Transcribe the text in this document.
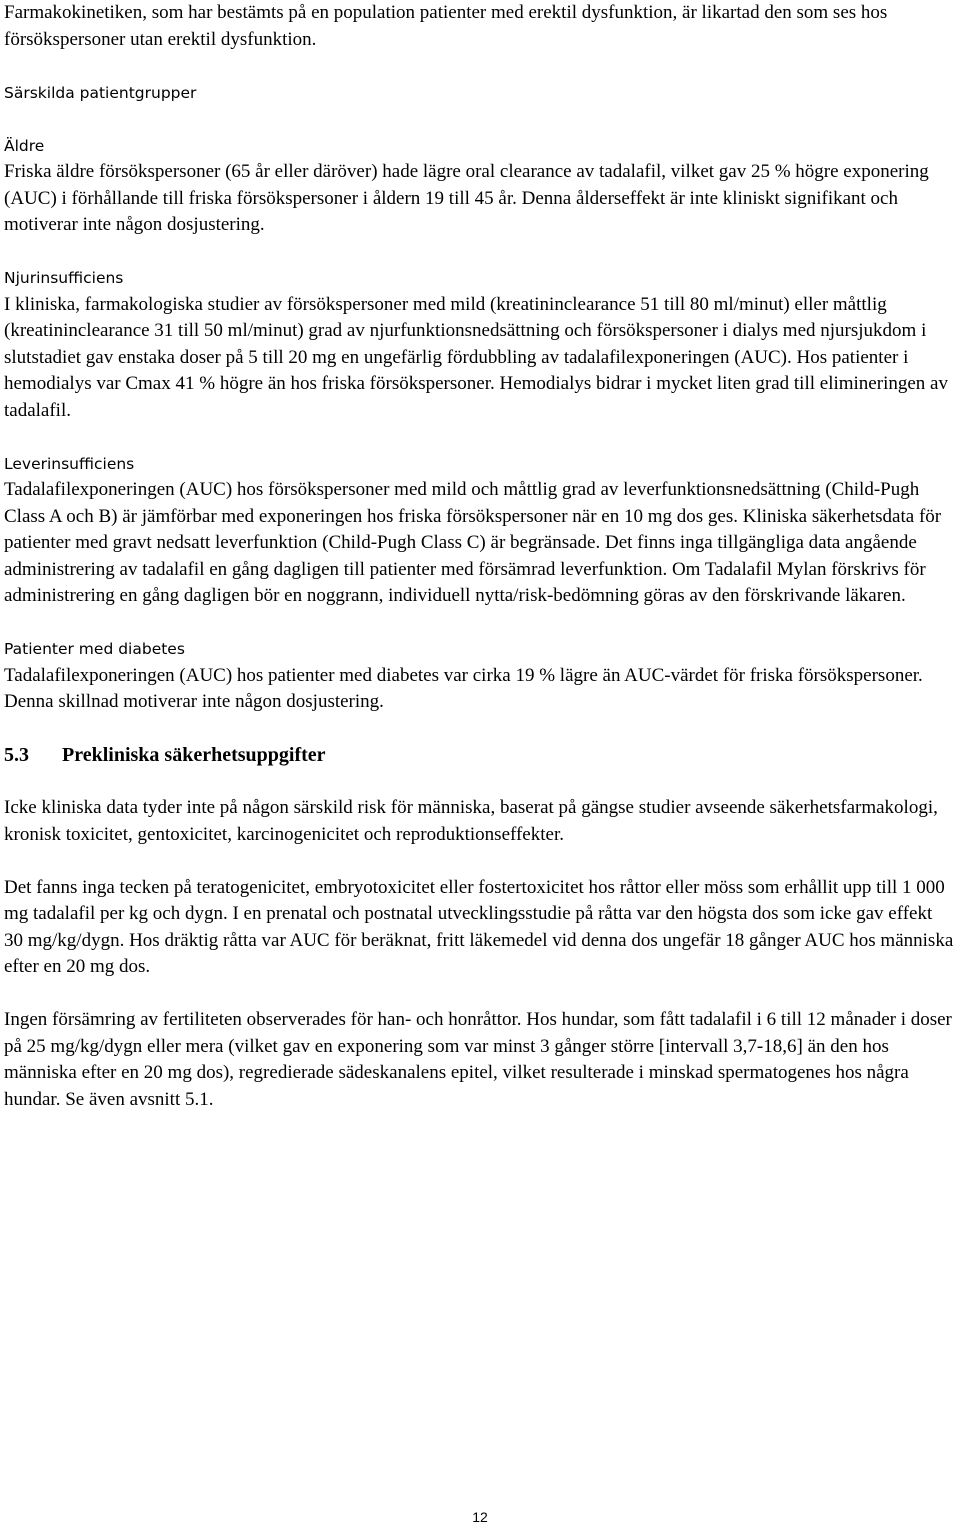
Farmakokinetiken, som har bestämts på en population patienter med erektil dysfunktion, är likartad den som ses hos försökspersoner utan erektil dysfunktion.

Särskilda patientgrupper

Äldre

Friska äldre försökspersoner (65 år eller däröver) hade lägre oral clearance av tadalafil, vilket gav 25 % högre exponering (AUC) i förhållande till friska försökspersoner i åldern 19 till 45 år. Denna ålderseffekt är inte kliniskt signifikant och motiverar inte någon dosjustering.

Njurinsufficiens

I kliniska, farmakologiska studier av försökspersoner med mild (kreatininclearance 51 till 80 ml/minut) eller måttlig (kreatininclearance 31 till 50 ml/minut) grad av njurfunktionsnedsättning och försökspersoner i dialys med njursjukdom i slutstadiet gav enstaka doser på 5 till 20 mg en ungefärlig fördubbling av tadalafilexponeringen (AUC). Hos patienter i hemodialys var Cmax 41 % högre än hos friska försökspersoner. Hemodialys bidrar i mycket liten grad till elimineringen av tadalafil.

Leverinsufficiens

Tadalafilexponeringen (AUC) hos försökspersoner med mild och måttlig grad av leverfunktionsnedsättning (Child-Pugh Class A och B) är jämförbar med exponeringen hos friska försökspersoner när en 10 mg dos ges. Kliniska säkerhetsdata för patienter med gravt nedsatt leverfunktion (Child-Pugh Class C) är begränsade. Det finns inga tillgängliga data angående administrering av tadalafil en gång dagligen till patienter med försämrad leverfunktion. Om Tadalafil Mylan förskrivs för administrering en gång dagligen bör en noggrann, individuell nytta/risk-bedömning göras av den förskrivande läkaren.

Patienter med diabetes

Tadalafilexponeringen (AUC) hos patienter med diabetes var cirka 19 % lägre än AUC-värdet för friska försökspersoner. Denna skillnad motiverar inte någon dosjustering.

5.3	Prekliniska säkerhetsuppgifter

Icke kliniska data tyder inte på någon särskild risk för människa, baserat på gängse studier avseende säkerhetsfarmakologi, kronisk toxicitet, gentoxicitet, karcinogenicitet och reproduktionseffekter.

Det fanns inga tecken på teratogenicitet, embryotoxicitet eller fostertoxicitet hos råttor eller möss som erhållit upp till 1 000 mg tadalafil per kg och dygn. I en prenatal och postnatal utvecklingsstudie på råtta var den högsta dos som icke gav effekt 30 mg/kg/dygn. Hos dräktig råtta var AUC för beräknat, fritt läkemedel vid denna dos ungefär 18 gånger AUC hos människa efter en 20 mg dos.

Ingen försämring av fertiliteten observerades för han- och honråttor. Hos hundar, som fått tadalafil i 6 till 12 månader i doser på 25 mg/kg/dygn eller mera (vilket gav en exponering som var minst 3 gånger större [intervall 3,7-18,6] än den hos människa efter en 20 mg dos), regredierade sädeskanalens epitel, vilket resulterade i minskad spermatogenes hos några hundar. Se även avsnitt 5.1.

12
